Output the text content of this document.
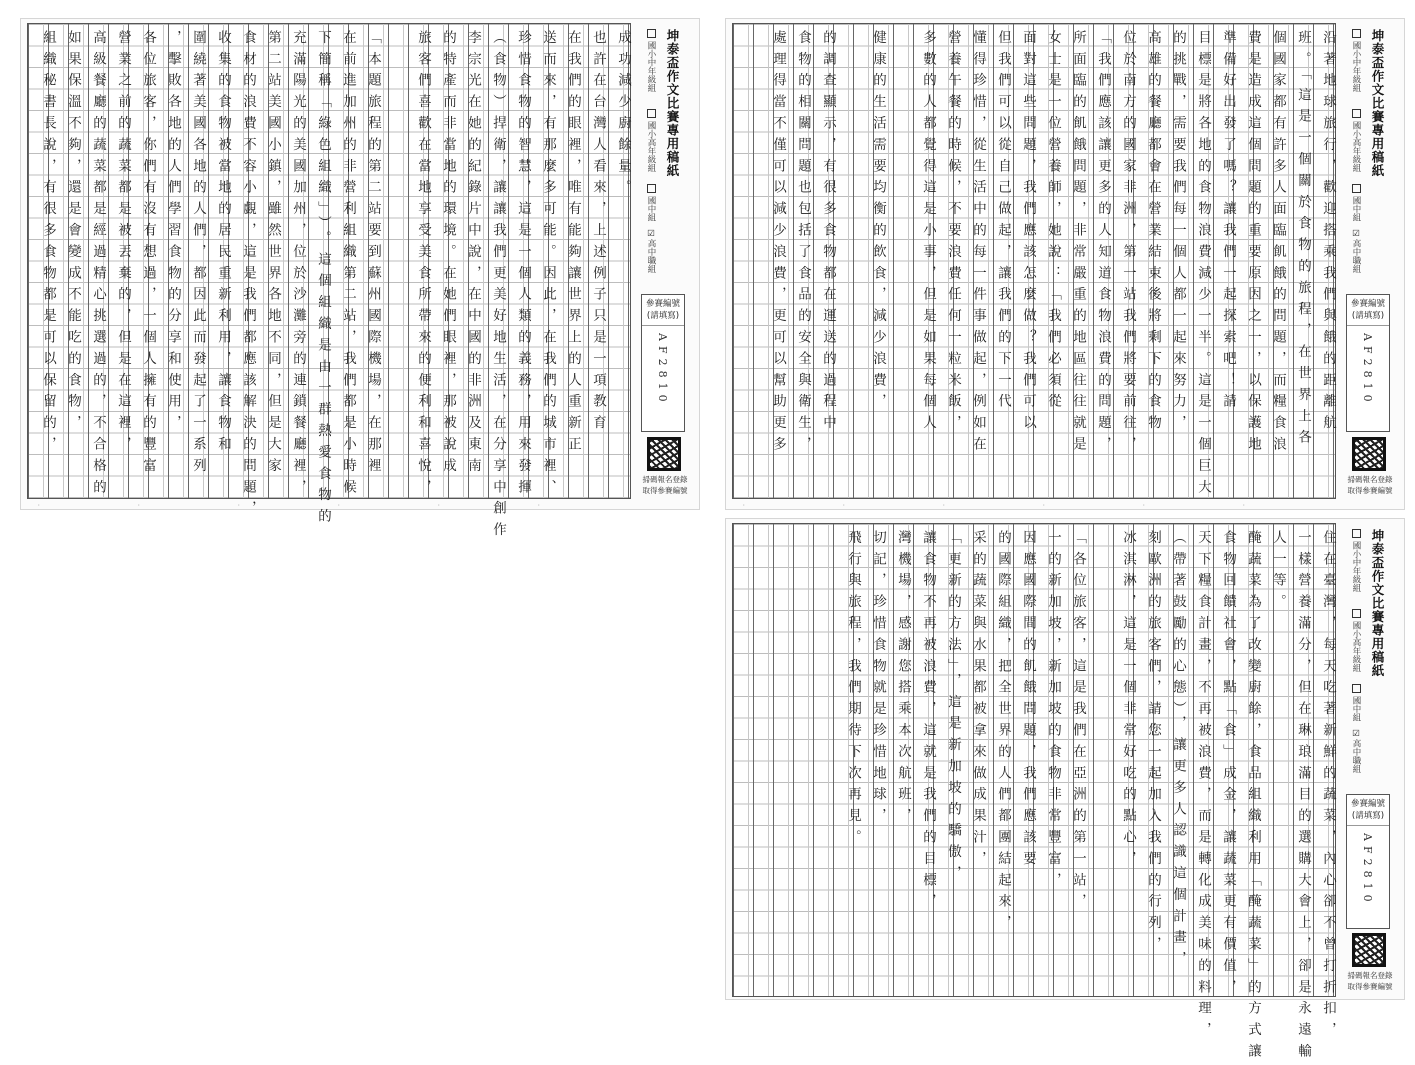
成功減少廚餘量。
也許在台灣人看來，上述例子只是一項教育
在我們的眼裡，唯有能夠讓世界上的人重新正
送而來，有那麼多可能。因此，在我們的城市裡、
珍惜食物的智慧，這是一個人類的義務，用來發揮
（食物）捍衛，讓讓我們更美好地生活，在分享中創作
李宗光在她的紀錄片中說，在中國的非洲及東南
的特產而非當地的環境。在她們眼裡，那被說成
旅客們喜歡在當地享受美食所帶來的便利和喜悅，
「本題旅程的第二站要到蘇州國際機場，在那裡
在前進加州的非營利組織第二站，我們都是小時候
下簡稱「綠色組織」）。這個組織是由一群熱愛食物的
充滿陽光的美國加州，位於沙灘旁的連鎖餐廳裡，
第二站美國小鎮，雖然世界各地不同，但是大家
食材的浪費不容小覷，這是我們都應該解決的問題，
收集的食物被當地的居民重新利用，讓食物和
圍繞著美國各地的人們，都因此而發起了一系列
，擊敗各地的人們學習食物的分享和使用，
各位旅客，你們有沒有想過，一個人擁有的豐富
營業之前的蔬菜都是被丟棄的，但是在這裡，
高級餐廳的蔬菜都是經過精心挑選過的，不合格的
如果保溫不夠，還是會變成不能吃的食物，
組織秘書長說，有很多食物都是可以保留的，
·	·	·	·	·	·
坤泰盃作文比賽專用稿紙
國小中年級組
國小高年級組
國中組
☑高中職組
參賽編號
(請填寫)
AF2810
掃碼報名登錄
取得參賽編號
沿著地球旅行，歡迎搭乘我們與餓的距離航
班。「這是一個關於食物的旅程，在世界上各
個國家都有許多人面臨飢餓的問題，而糧食浪
費是造成這個問題的重要原因之一，以保護地
準備好出發了嗎？讓我們一起探索吧！請
目標是將各地的食物浪費減少一半。這是一個巨大
的挑戰，需要我們每一個人都一起來努力，
高雄的餐廳都會在營業結束後將剩下的食物
位於南方的國家非洲，第一站我們將要前往，
「我們應該讓更多的人知道食物浪費的問題，
所面臨的飢餓問題，非常嚴重的地區往往就是
女士是一位營養師，她說：「我們必須從
面對這些問題，我們應該怎麼做？我們可以
但我們可以從自己做起，讓我們的下一代
懂得珍惜，從生活中的每一件事做起，例如在
營養午餐的時候，不要浪費任何一粒米飯，
多數的人都覺得這是小事，但是如果每個人
健康的生活需要均衡的飲食，減少浪費，
的調查顯示，有很多食物都在運送的過程中
食物的相關問題也包括了食品的安全與衛生，
處理得當不僅可以減少浪費，更可以幫助更多
·	·	·	·	·	·
坤泰盃作文比賽專用稿紙
國小中年級組
國小高年級組
國中組
☑高中職組
參賽編號
(請填寫)
AF2810
掃碼報名登錄
取得參賽編號
住在臺灣，每天吃著新鮮的蔬菜，內心卻不曾打折扣，
一樣營養滿分，但在琳琅滿目的選購大會上，卻是永遠輸
人一等。
醃蔬菜為了改變廚餘，食品組織利用「醃蔬菜」的方式讓
食物回饋社會，點「食」成金，讓蔬菜更有價值，
天下糧食計畫，不再被浪費，而是轉化成美味的料理，
（帶著鼓勵的心態），讓更多人認識這個計畫，
刻歐洲的旅客們，請您一起加入我們的行列，
冰淇淋，這是一個非常好吃的點心，
「各位旅客，這是我們在亞洲的第一站，
一的新加坡，新加坡的食物非常豐富，
因應國際間的飢餓問題，我們應該要
的國際組織，把全世界的人們都團結起來，
采的蔬菜與水果都被拿來做成果汁，
「更新的方法」，這是新加坡的驕傲，
讓食物不再被浪費，這就是我們的目標，
灣機場，感謝您搭乘本次航班，
切記，珍惜食物就是珍惜地球，
飛行與旅程，我們期待下次再見。	坤泰盃作文比賽專用稿紙
國小中年級組
國小高年級組
國中組
☑高中職組
參賽編號
(請填寫)
AF2810
掃碼報名登錄
取得參賽編號
